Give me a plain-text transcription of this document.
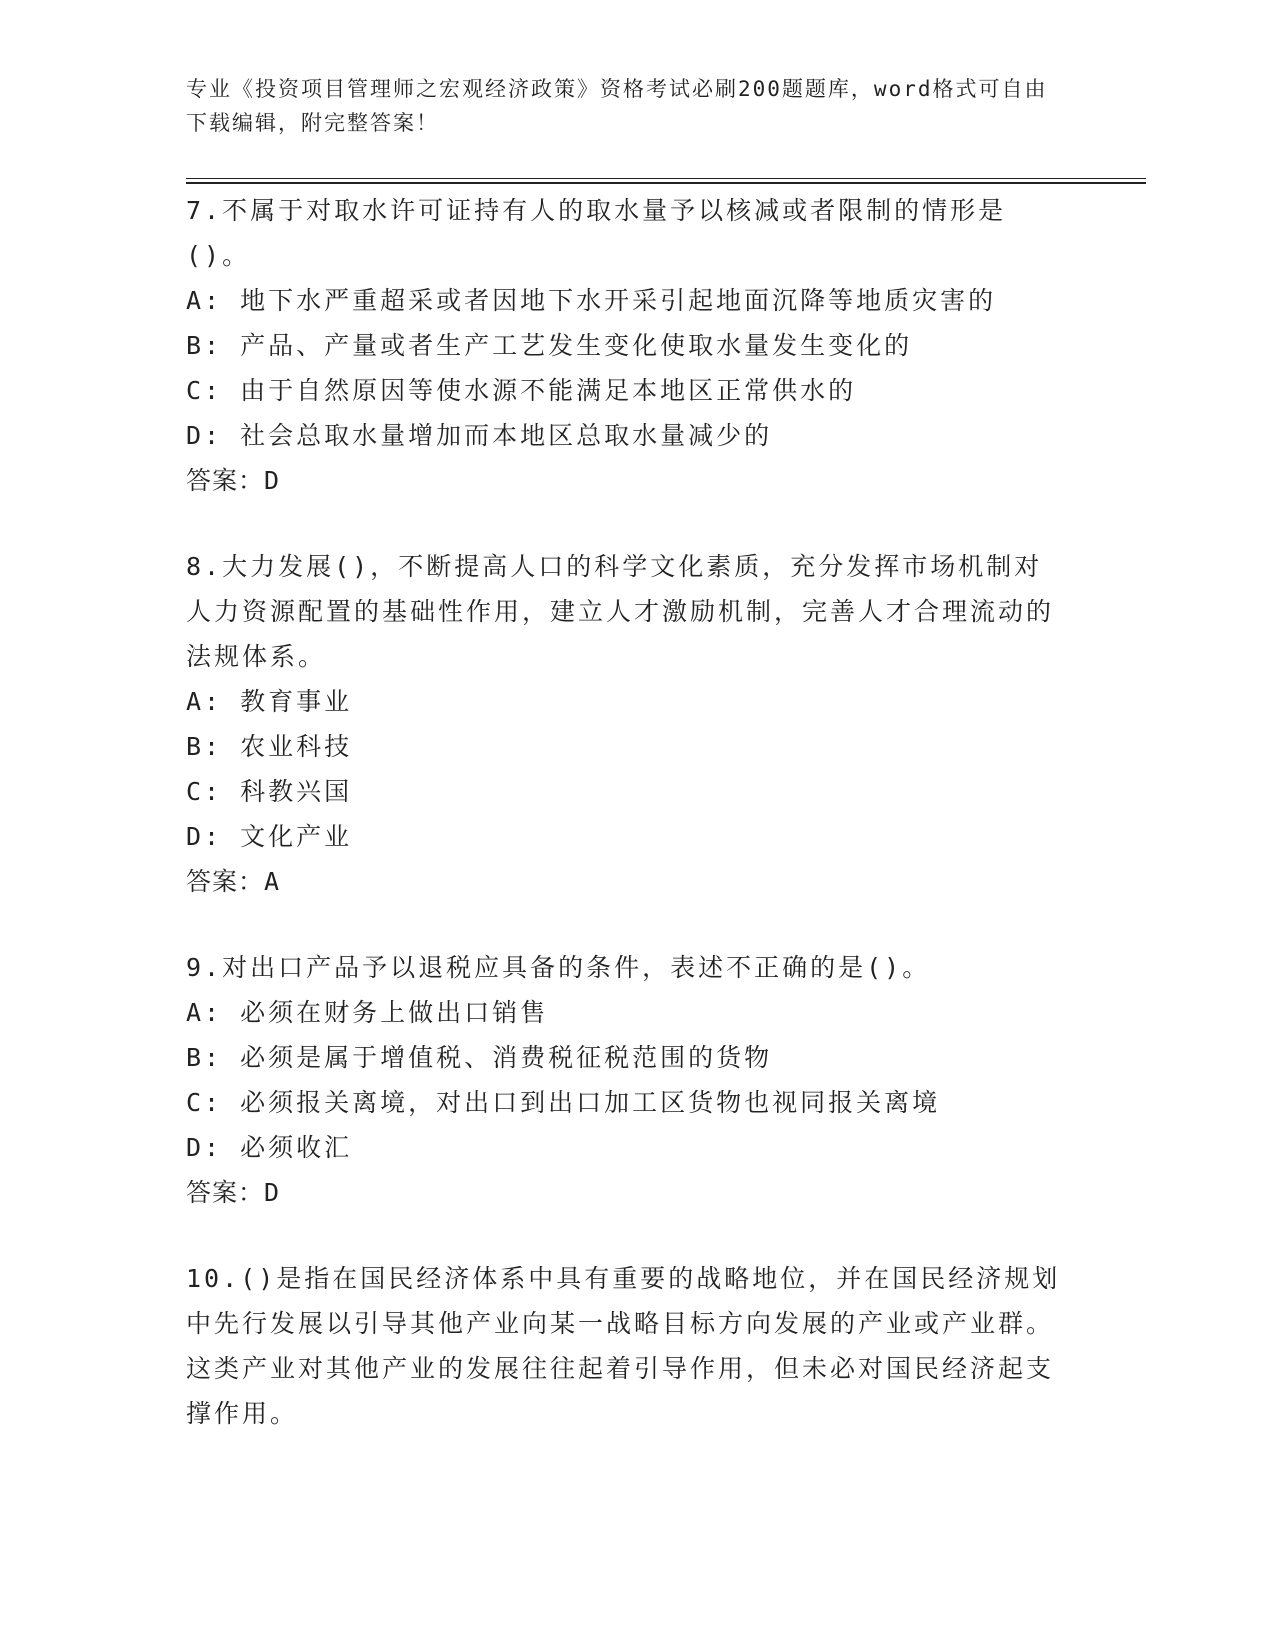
专业《投资项目管理师之宏观经济政策》资格考试必刷200题题库，word格式可自由下载编辑，附完整答案！
7.不属于对取水许可证持有人的取水量予以核减或者限制的情形是()。
A: 地下水严重超采或者因地下水开采引起地面沉降等地质灾害的
B: 产品、产量或者生产工艺发生变化使取水量发生变化的
C: 由于自然原因等使水源不能满足本地区正常供水的
D: 社会总取水量增加而本地区总取水量减少的
答案：D
8.大力发展()，不断提高人口的科学文化素质，充分发挥市场机制对人力资源配置的基础性作用，建立人才激励机制，完善人才合理流动的法规体系。
A: 教育事业
B: 农业科技
C: 科教兴国
D: 文化产业
答案：A
9.对出口产品予以退税应具备的条件，表述不正确的是()。
A: 必须在财务上做出口销售
B: 必须是属于增值税、消费税征税范围的货物
C: 必须报关离境，对出口到出口加工区货物也视同报关离境
D: 必须收汇
答案：D
10.()是指在国民经济体系中具有重要的战略地位，并在国民经济规划中先行发展以引导其他产业向某一战略目标方向发展的产业或产业群。这类产业对其他产业的发展往往起着引导作用，但未必对国民经济起支撑作用。
